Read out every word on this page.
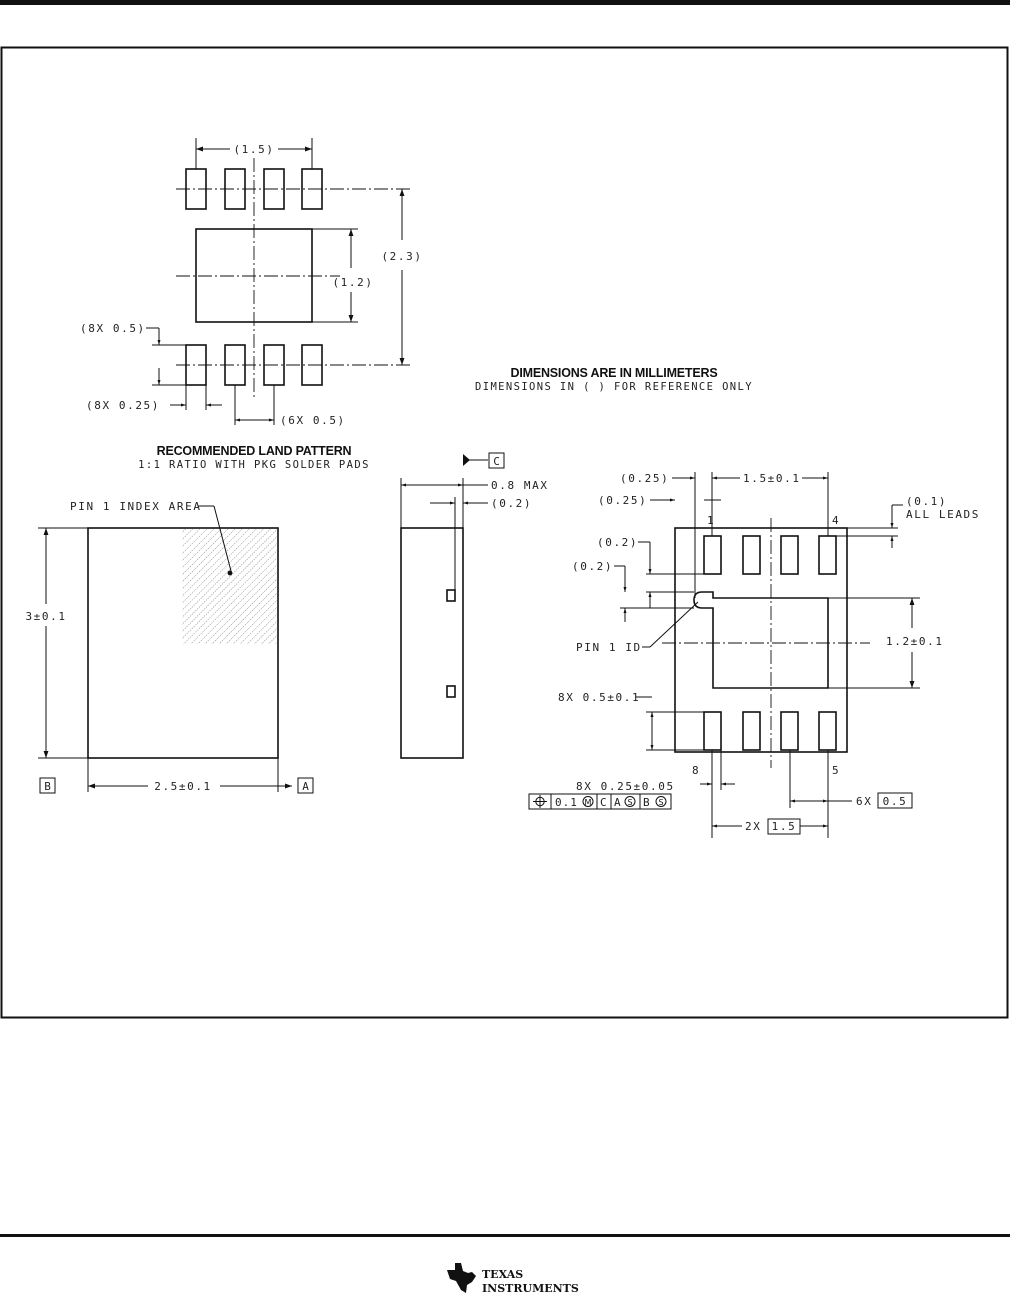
(1.5)
(2.3)
(1.2)
(8X 0.5)
(8X 0.25)
(6X 0.5)
RECOMMENDED LAND PATTERN
1:1 RATIO WITH PKG SOLDER PADS
DIMENSIONS ARE IN MILLIMETERS
DIMENSIONS IN ( ) FOR REFERENCE ONLY
PIN 1 INDEX AREA
3±0.1
B	2.5±0.1	A
C
0.8 MAX
(0.2)
1	4
8	5
(0.25)	1.5±0.1
(0.25)	(0.1)
ALL LEADS
(0.2)
(0.2)
PIN 1 ID	1.2±0.1
8X 0.5±0.1
8X 0.25±0.05
0.1 M C A S B S	6X 0.5
2X 1.5
TEXAS
INSTRUMENTS
